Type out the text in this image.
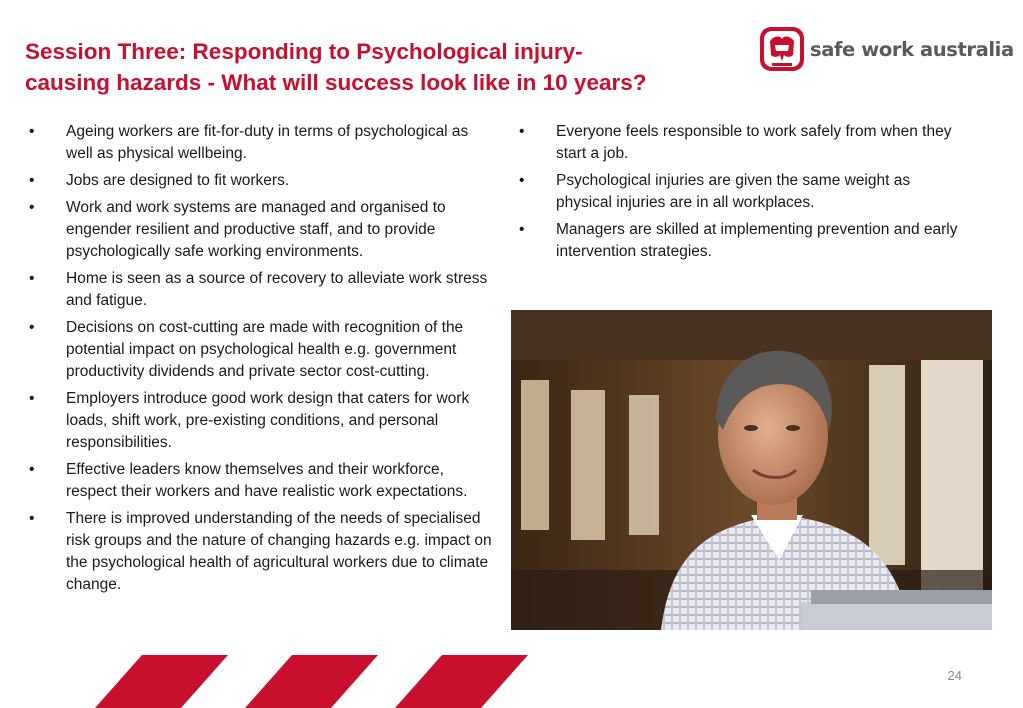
Session Three: Responding to Psychological injury-
causing hazards - What will success look like in 10 years?
safe work australia
• Ageing workers are fit-for-duty in terms of psychological as well as physical wellbeing.
• Jobs are designed to fit workers.
• Work and work systems are managed and organised to engender resilient and productive staff, and to provide psychologically safe working environments.
• Home is seen as a source of recovery to alleviate work stress and fatigue.
• Decisions on cost-cutting are made with recognition of the potential impact on psychological health e.g. government productivity dividends and private sector cost-cutting.
• Employers introduce good work design that caters for work loads, shift work, pre-existing conditions, and personal responsibilities.
• Effective leaders know themselves and their workforce, respect their workers and have realistic work expectations.
• There is improved understanding of the needs of specialised risk groups and the nature of changing hazards e.g. impact on the psychological health of agricultural workers due to climate change.
• Everyone feels responsible to work safely from when they start a job.
• Psychological injuries are given the same weight as physical injuries are in all workplaces.
• Managers are skilled at implementing prevention and early intervention strategies.
24
